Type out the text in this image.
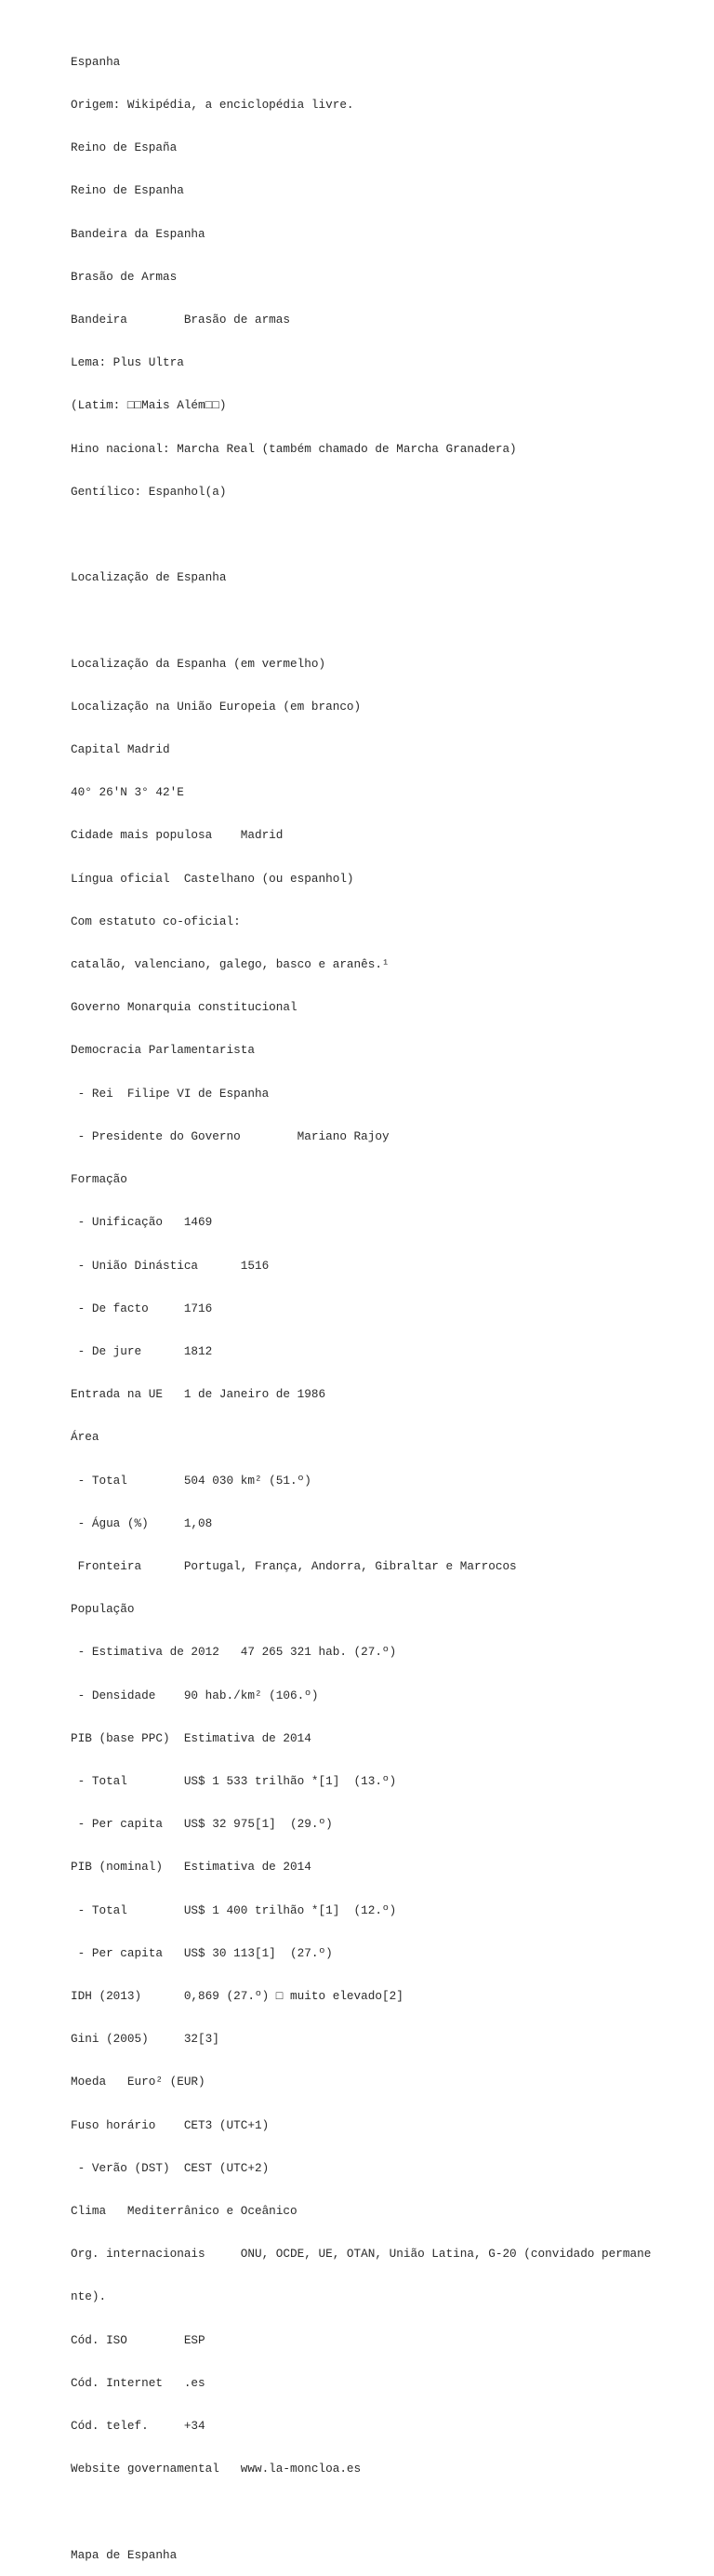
Espanha

Origem: Wikipédia, a enciclopédia livre.

Reino de España

Reino de Espanha

Bandeira da Espanha

Brasão de Armas

Bandeira        Brasão de armas

Lema: Plus Ultra

(Latim: □□Mais Além□□)

Hino nacional: Marcha Real (também chamado de Marcha Granadera)

Gentílico: Espanhol(a)

Localização de Espanha

Localização da Espanha (em vermelho)

Localização na União Europeia (em branco)

Capital Madrid

40° 26'N 3° 42'E

Cidade mais populosa    Madrid

Língua oficial  Castelhano (ou espanhol)

Com estatuto co-oficial:

catalão, valenciano, galego, basco e aranês.¹

Governo Monarquia constitucional

Democracia Parlamentarista

- Rei  Filipe VI de Espanha

- Presidente do Governo        Mariano Rajoy

Formação

- Unificação   1469

- União Dinástica      1516

- De facto     1716

- De jure      1812

Entrada na UE   1 de Janeiro de 1986

Área

- Total        504 030 km² (51.º)

- Água (%)     1,08

Fronteira      Portugal, França, Andorra, Gibraltar e Marrocos

População

- Estimativa de 2012   47 265 321 hab. (27.º)

- Densidade    90 hab./km² (106.º)

PIB (base PPC)  Estimativa de 2014

- Total        US$ 1 533 trilhão *[1]  (13.º)

- Per capita   US$ 32 975[1]  (29.º)

PIB (nominal)   Estimativa de 2014

- Total        US$ 1 400 trilhão *[1]  (12.º)

- Per capita   US$ 30 113[1]  (27.º)

IDH (2013)      0,869 (27.º) □ muito elevado[2]

Gini (2005)     32[3]

Moeda   Euro² (EUR)

Fuso horário    CET3 (UTC+1)

- Verão (DST)  CEST (UTC+2)

Clima   Mediterrânico e Oceânico

Org. internacionais     ONU, OCDE, UE, OTAN, União Latina, G-20 (convidado permane

nte).

Cód. ISO        ESP

Cód. Internet   .es

Cód. telef.     +34

Website governamental   www.la-moncloa.es

Mapa de Espanha
